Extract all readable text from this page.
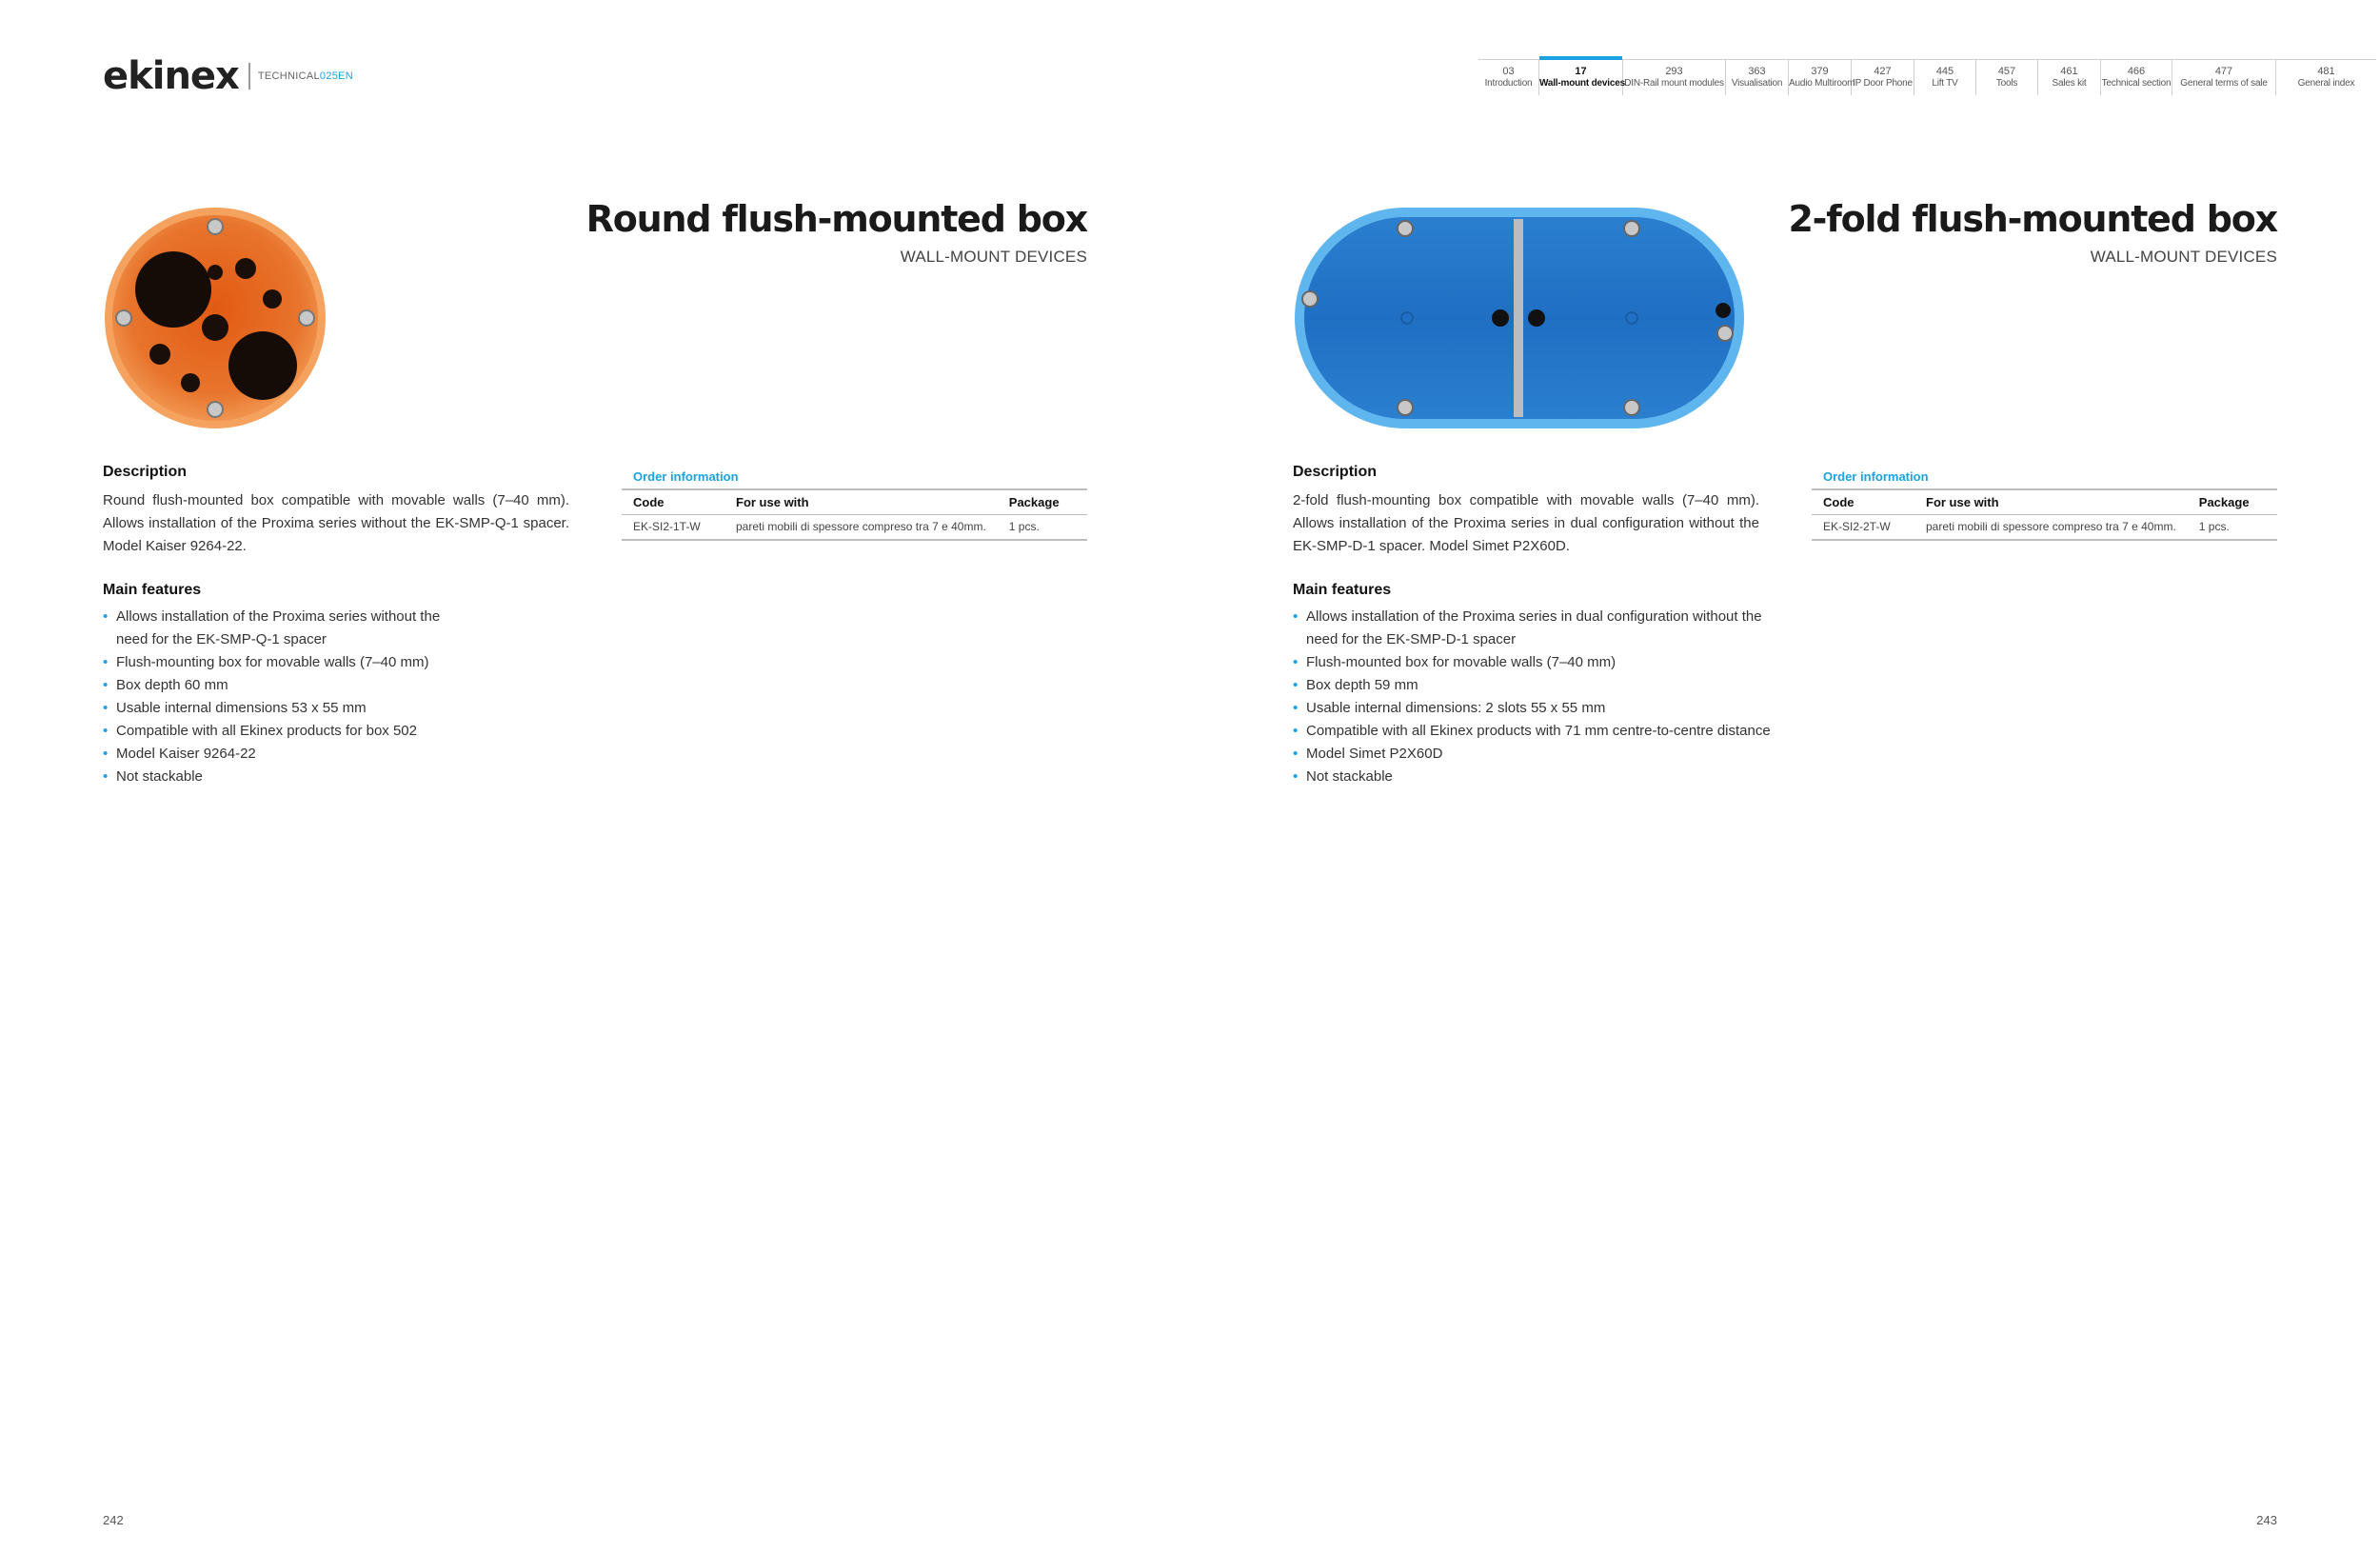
ekinex TECHNICAL025EN	03
Introduction
17
Wall-mount devices
293
DIN-Rail mount modules
363
Visualisation
379
Audio Multiroom
427
IP Door Phone
445
Lift TV
457
Tools
461
Sales kit
466
Technical section
477
General terms of sale
481
General index
Round flush-mounted box
WALL-MOUNT DEVICES
Description

Round flush-mounted box compatible with movable walls (7–40 mm). Allows installation of the Proxima series without the EK-SMP-Q-1 spacer. Model Kaiser 9264-22.

Main features
• Allows installation of the Proxima series without the need for the EK-SMP-Q-1 spacer
• Flush-mounting box for movable walls (7–40 mm)
• Box depth 60 mm
• Usable internal dimensions 53 x 55 mm
• Compatible with all Ekinex products for box 502
• Model Kaiser 9264-22
• Not stackable
Order information
Code	For use with	Package
EK-SI2-1T-W	pareti mobili di spessore compreso tra 7 e 40mm.	1 pcs.
2-fold flush-mounted box
WALL-MOUNT DEVICES
Description

2-fold flush-mounting box compatible with movable walls (7–40 mm). Allows installation of the Proxima series in dual configuration without the EK-SMP-D-1 spacer. Model Simet P2X60D.

Main features
• Allows installation of the Proxima series in dual configuration without the need for the EK-SMP-D-1 spacer
• Flush-mounted box for movable walls (7–40 mm)
• Box depth 59 mm
• Usable internal dimensions: 2 slots 55 x 55 mm
• Compatible with all Ekinex products with 71 mm centre-to-centre distance
• Model Simet P2X60D
• Not stackable
Order information
Code	For use with	Package
EK-SI2-2T-W	pareti mobili di spessore compreso tra 7 e 40mm.	1 pcs.
242	243
